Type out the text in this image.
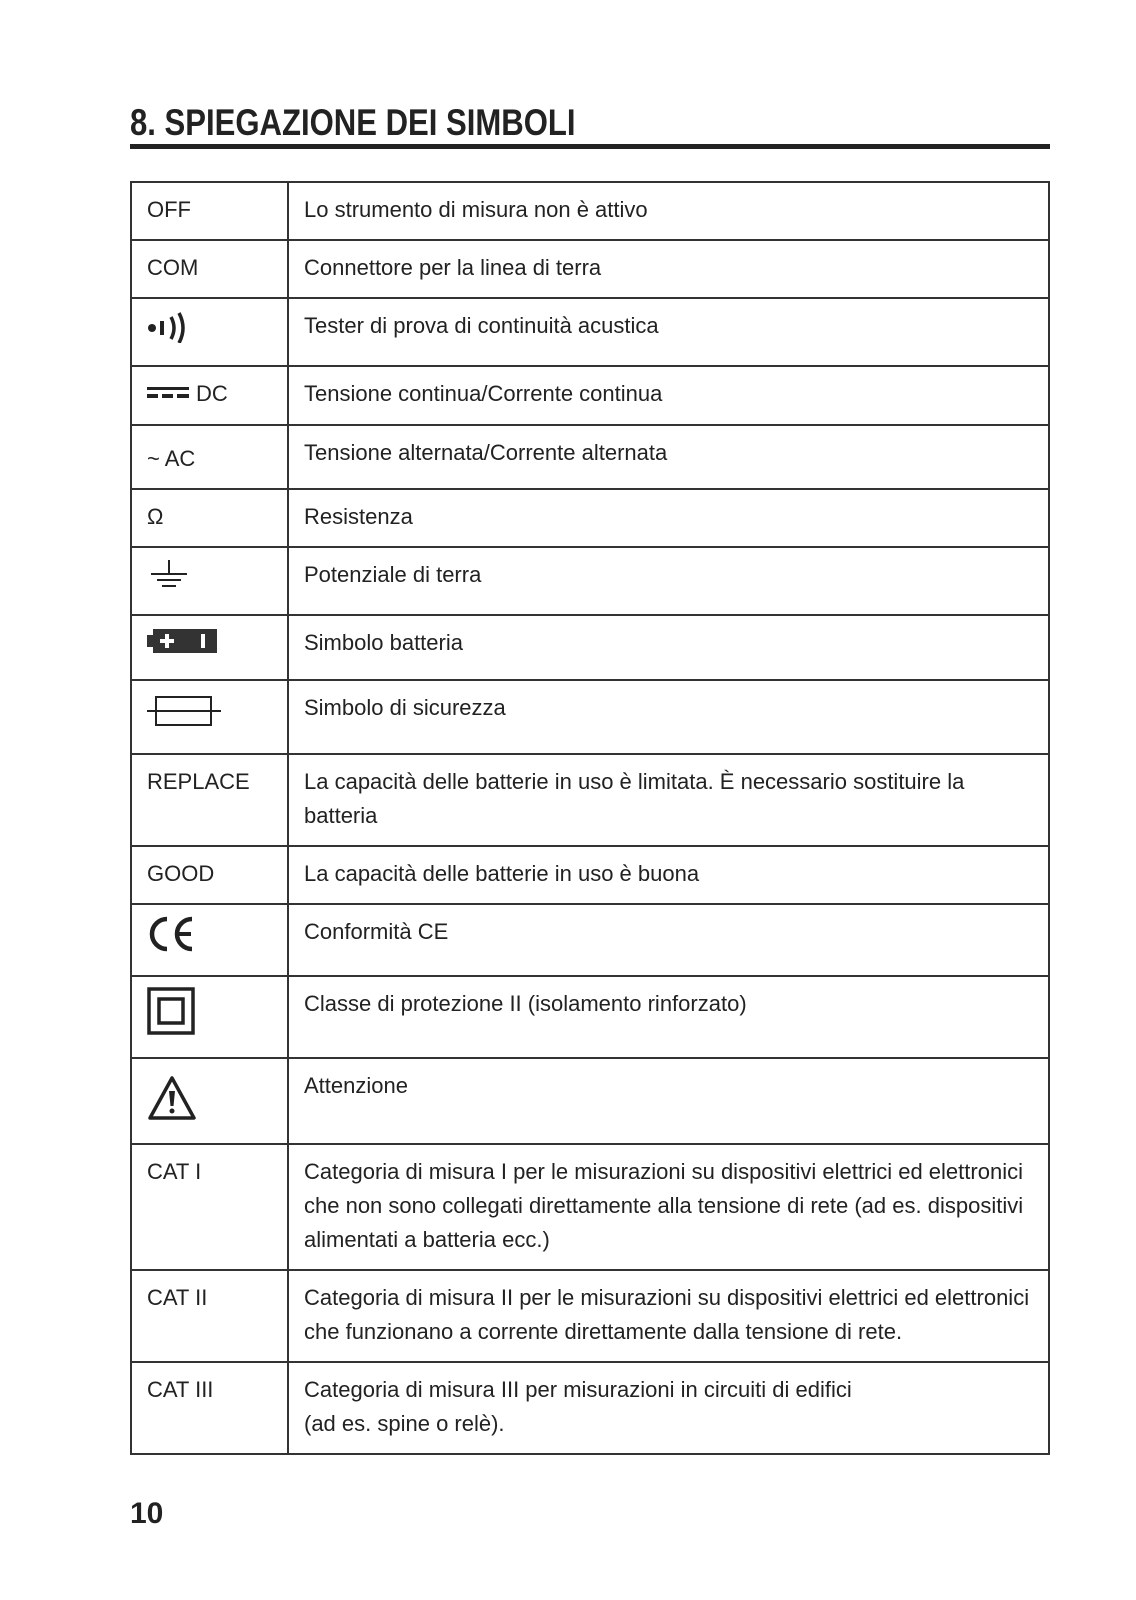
8. SPIEGAZIONE DEI SIMBOLI
OFF	Lo strumento di misura non è attivo
COM	Connettore per la linea di terra
	Tester di prova di continuità acustica
DC	Tensione continua/Corrente continua
~ AC	Tensione alternata/Corrente alternata
Ω	Resistenza
	Potenziale di terra
	Simbolo batteria
	Simbolo di sicurezza
REPLACE	La capacità delle batterie in uso è limitata. È necessario sostituire la batteria
GOOD	La capacità delle batterie in uso è buona
	Conformità CE
	Classe di protezione II (isolamento rinforzato)
	Attenzione
CAT I	Categoria di misura I per le misurazioni su dispositivi elettrici ed elettronici che non sono collegati direttamente alla tensione di rete (ad es. dispositivi alimentati a batteria ecc.)
CAT II	Categoria di misura II per le misurazioni su dispositivi elettrici ed elettronici che funzionano a corrente direttamente dalla tensione di rete.
CAT III	Categoria di misura III per misurazioni in circuiti di edifici
(ad es. spine o relè).
10
